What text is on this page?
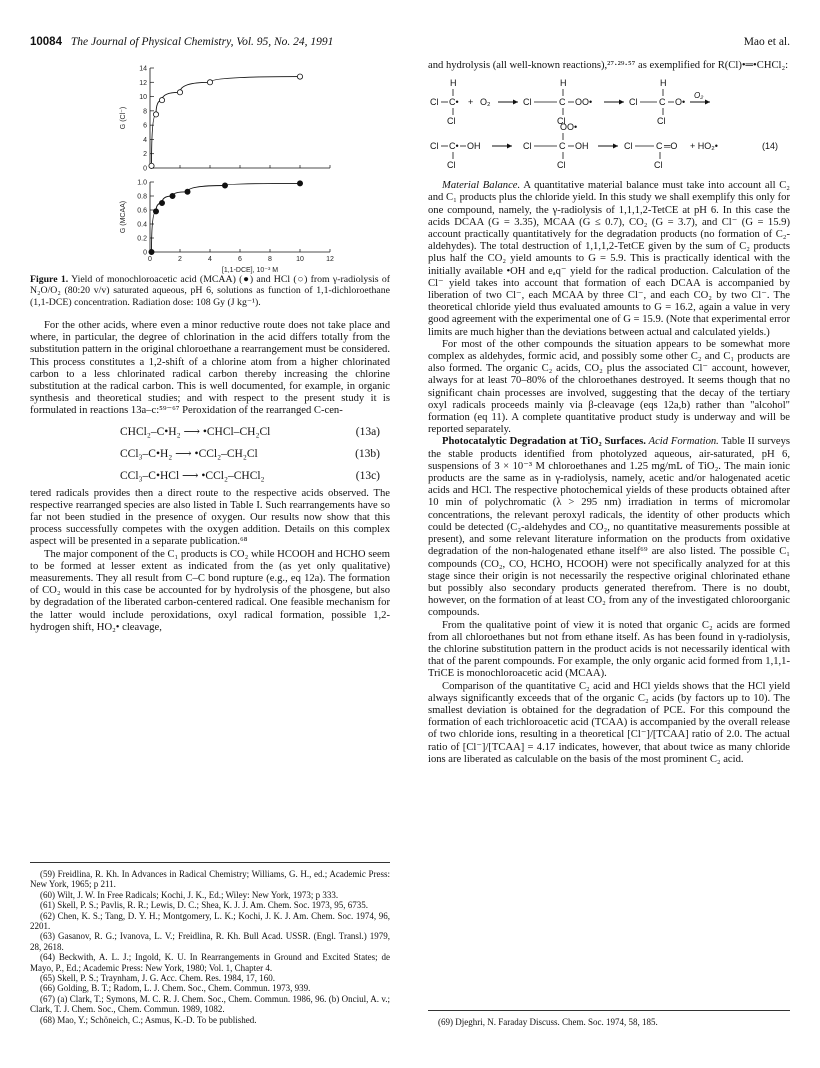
10084 The Journal of Physical Chemistry, Vol. 95, No. 24, 1991	Mao et al.
0
2
4
6
8
10
12
14
G (Cl⁻)
0
0.2
0.4
0.6
0.8
1.0
0	2	4	6	8	10	12
G (MCAA)
[1,1-DCE], 10⁻³ M

Figure 1. Yield of monochloroacetic acid (MCAA) (●) and HCl (○) from γ-radiolysis of N₂O/O₂ (80:20 v/v) saturated aqueous, pH 6, solutions as function of 1,1-dichloroethane (1,1-DCE) concentration. Radiation dose: 108 Gy (J kg⁻¹).

For the other acids, where even a minor reductive route does not take place and where, in particular, the degree of chlorination in the acid differs totally from the substitution pattern in the original chloroethane a rearrangement must be considered. This process constitutes a 1,2-shift of a chlorine atom from a higher chlorinated carbon to a less chlorinated radical carbon thereby increasing the chlorine substitution at the radical carbon. This is well documented, for example, in organic synthesis and theoretical studies; and with respect to the present study it is formulated in reactions 13a–c:⁵⁹⁻⁶⁷ Peroxidation of the rearranged C-cen-

CHCl₂–C•H₂ ⟶ •CHCl–CH₂Cl	(13a)
CCl₃–C•H₂ ⟶ •CCl₂–CH₂Cl	(13b)
CCl₃–C•HCl ⟶ •CCl₂–CHCl₂	(13c)

tered radicals provides then a direct route to the respective acids observed. The respective rearranged species are also listed in Table I. Such rearrangements have so far not been studied in the presence of oxygen. Our results now show that this process successfully competes with the oxygen addition. Details on this complex aspect will be presented in a separate publication.⁶⁸

The major component of the C₁ products is CO₂ while HCOOH and HCHO seem to be formed at lesser extent as indicated from the (as yet only qualitative) measurements. They all result from C–C bond rupture (e.g., eq 12a). The formation of CO₂ would in this case be accounted for by hydrolysis of the phosgene, but also by degradation of the liberated carbon-centered radical. One feasible mechanism for the latter would include peroxidations, oxyl radical formation, possible 1,2-hydrogen shift, HO₂• cleavage,

(59) Freidlina, R. Kh. In Advances in Radical Chemistry; Williams, G. H., ed.; Academic Press: New York, 1965; p 211.

(60) Wilt, J. W. In Free Radicals; Kochi, J. K., Ed.; Wiley: New York, 1973; p 333.

(61) Skell, P. S.; Pavlis, R. R.; Lewis, D. C.; Shea, K. J. J. Am. Chem. Soc. 1973, 95, 6735.

(62) Chen, K. S.; Tang, D. Y. H.; Montgomery, L. K.; Kochi, J. K. J. Am. Chem. Soc. 1974, 96, 2201.

(63) Gasanov, R. G.; Ivanova, L. V.; Freidlina, R. Kh. Bull Acad. USSR. (Engl. Transl.) 1979, 28, 2618.

(64) Beckwith, A. L. J.; Ingold, K. U. In Rearrangements in Ground and Excited States; de Mayo, P., Ed.; Academic Press: New York, 1980; Vol. 1, Chapter 4.

(65) Skell, P. S.; Traynham, J. G. Acc. Chem. Res. 1984, 17, 160.

(66) Golding, B. T.; Radom, L. J. Chem. Soc., Chem. Commun. 1973, 939.

(67) (a) Clark, T.; Symons, M. C. R. J. Chem. Soc., Chem. Commun. 1986, 96. (b) Onciul, A. v.; Clark, T. J. Chem. Soc., Chem. Commun. 1989, 1082.

(68) Mao, Y.; Schöneich, C.; Asmus, K.-D. To be published.

and hydrolysis (all well-known reactions),²⁷·²⁹·⁵⁷ as exemplified for R(Cl)•═•CHCl₂:

H
Cl C•
Cl
+ O₂
H
Cl	C OO•
Cl
H
Cl C O•
Cl
O₂
OO•
Cl C• OH
Cl
Cl	C OH
Cl
Cl	C ═O
Cl
+ HO₂•	(14)

Material Balance. A quantitative material balance must take into account all C₂ and C₁ products plus the chloride yield. In this study we shall exemplify this only for one compound, namely, the γ-radiolysis of 1,1,1,2-TetCE at pH 6. In this case the acids DCAA (G = 3.35), MCAA (G ≤ 0.7), CO₂ (G = 3.7), and Cl⁻ (G = 15.9) account practically quantitatively for the degradation products (no formation of C₂-aldehydes). The total destruction of 1,1,1,2-TetCE given by the sum of C₂ products plus half the CO₂ yield amounts to G = 5.9. This is practically identical with the initially available •OH and eₐq⁻ yield for the radical production. Calculation of the Cl⁻ yield takes into account that formation of each DCAA is accompanied by liberation of two Cl⁻, each MCAA by three Cl⁻, and each CO₂ by two Cl⁻. The theoretical chloride yield thus evaluated amounts to G = 16.2, again a value in very good agreement with the experimental one of G = 15.9. (Note that experimental error limits are much higher than the deviations between actual and calculated yields.)

For most of the other compounds the situation appears to be somewhat more complex as aldehydes, formic acid, and possibly some other C₂ and C₁ products are also formed. The organic C₂ acids, CO₂ plus the associated Cl⁻ account, however, always for at least 70–80% of the chloroethanes destroyed. It seems though that no significant chain processes are involved, suggesting that the decay of the tertiary oxyl radicals proceeds mainly via β-cleavage (eqs 12a,b) rather than "alcohol" formation (eq 11). A complete quantitative product study is underway and will be reported separately.

Photocatalytic Degradation at TiO₂ Surfaces. Acid Formation. Table II surveys the stable products identified from photolyzed aqueous, air-saturated, pH 6, suspensions of 3 × 10⁻³ M chloroethanes and 1.25 mg/mL of TiO₂. The main ionic products are the same as in γ-radiolysis, namely, acetic and/or halogenated acetic acids and HCl. The respective photochemical yields of these products obtained after 10 min of polychromatic (λ > 295 nm) irradiation in terms of micromolar concentrations, the relevant peroxyl radicals, the identity of other products which could be detected (C₂-aldehydes and CO₂, no quantitative measurements possible at present), and some relevant literature information on the products from oxidative degradation of the non-halogenated ethane itself⁶⁹ are also listed. The possible C₁ compounds (CO₂, CO, HCHO, HCOOH) were not specifically analyzed for at this stage since their origin is not necessarily the respective original chlorinated ethane but possibly also secondary products generated therefrom. There is no doubt, however, on the formation of at least CO₂ from any of the investigated chloroorganic compounds.

From the qualitative point of view it is noted that organic C₂ acids are formed from all chloroethanes but not from ethane itself. As has been found in γ-radiolysis, the chlorine substitution pattern in the product acids is not necessarily identical with that of the parent compounds. For example, the only organic acid formed from 1,1,1-TriCE is monochloroacetic acid (MCAA).

Comparison of the quantitative C₂ acid and HCl yields shows that the HCl yield always significantly exceeds that of the organic C₂ acids (by factors up to 10). The smallest deviation is obtained for the degradation of PCE. For this compound the formation of each trichloroacetic acid (TCAA) is accompanied by the overall release of two chloride ions, resulting in a theoretical [Cl⁻]/[TCAA] ratio of 2.0. The actual ratio of [Cl⁻]/[TCAA] = 4.17 indicates, however, that about twice as many chloride ions are liberated as calculable on the basis of the most prominent C₂ acid.

(69) Djeghri, N. Faraday Discuss. Chem. Soc. 1974, 58, 185.
